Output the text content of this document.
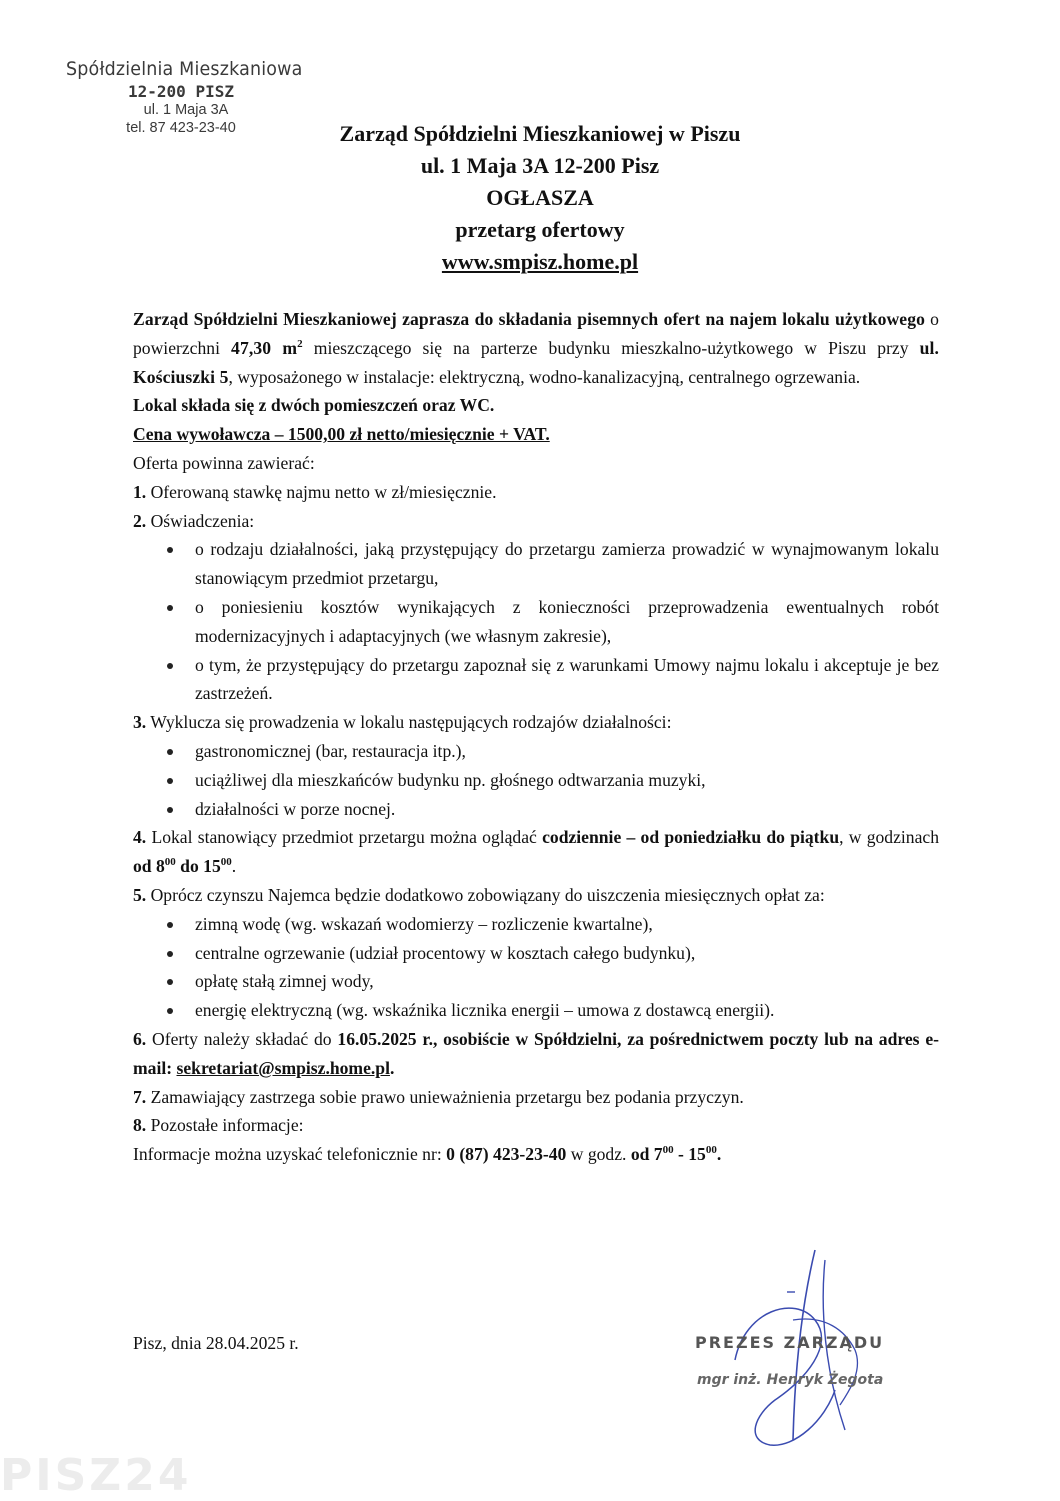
Spółdzielnia Mieszkaniowa
12-200 PISZ
ul. 1 Maja 3A
tel. 87 423-23-40	Zarząd Spółdzielni Mieszkaniowej w Piszu
ul. 1 Maja 3A 12-200 Pisz
OGŁASZA
przetarg ofertowy
www.smpisz.home.pl

Zarząd Spółdzielni Mieszkaniowej zaprasza do składania pisemnych ofert na najem lokalu użytkowego o powierzchni 47,30 $m^2$ mieszczącego się na parterze budynku mieszkalno-użytkowego w Piszu przy ul. Kościuszki 5, wyposażonego w instalacje: elektryczną, wodno-kanalizacyjną, centralnego ogrzewania.

Lokal składa się z dwóch pomieszczeń oraz WC.

Cena wywoławcza – 1500,00 zł netto/miesięcznie + VAT.

Oferta powinna zawierać:

1. Oferowaną stawkę najmu netto w zł/miesięcznie.

2. Oświadczenia:

o rodzaju działalności, jaką przystępujący do przetargu zamierza prowadzić w wynajmowanym lokalu stanowiącym przedmiot przetargu,
o poniesieniu kosztów wynikających z konieczności przeprowadzenia ewentualnych robót modernizacyjnych i adaptacyjnych (we własnym zakresie),
o tym, że przystępujący do przetargu zapoznał się z warunkami Umowy najmu lokalu i akceptuje je bez zastrzeżeń.

3. Wyklucza się prowadzenia w lokalu następujących rodzajów działalności:

gastronomicznej (bar, restauracja itp.),
uciążliwej dla mieszkańców budynku np. głośnego odtwarzania muzyki,
działalności w porze nocnej.

4. Lokal stanowiący przedmiot przetargu można oglądać codziennie – od poniedziałku do piątku, w godzinach od $8^{00}$ do $15^{00}$.

5. Oprócz czynszu Najemca będzie dodatkowo zobowiązany do uiszczenia miesięcznych opłat za:

zimną wodę (wg. wskazań wodomierzy – rozliczenie kwartalne),
centralne ogrzewanie (udział procentowy w kosztach całego budynku),
opłatę stałą zimnej wody,
energię elektryczną (wg. wskaźnika licznika energii – umowa z dostawcą energii).

6. Oferty należy składać do 16.05.2025 r., osobiście w Spółdzielni, za pośrednictwem poczty lub na adres e-mail: sekretariat@smpisz.home.pl.

7. Zamawiający zastrzega sobie prawo unieważnienia przetargu bez podania przyczyn.

8. Pozostałe informacje:

Informacje można uzyskać telefonicznie nr: 0 (87) 423-23-40 w godz. od $7^{00} - 15^{00}$.

Pisz, dnia 28.04.2025 r.	PREZES ZARZĄDU
mgr inż. Henryk Żegota
PISZ24
